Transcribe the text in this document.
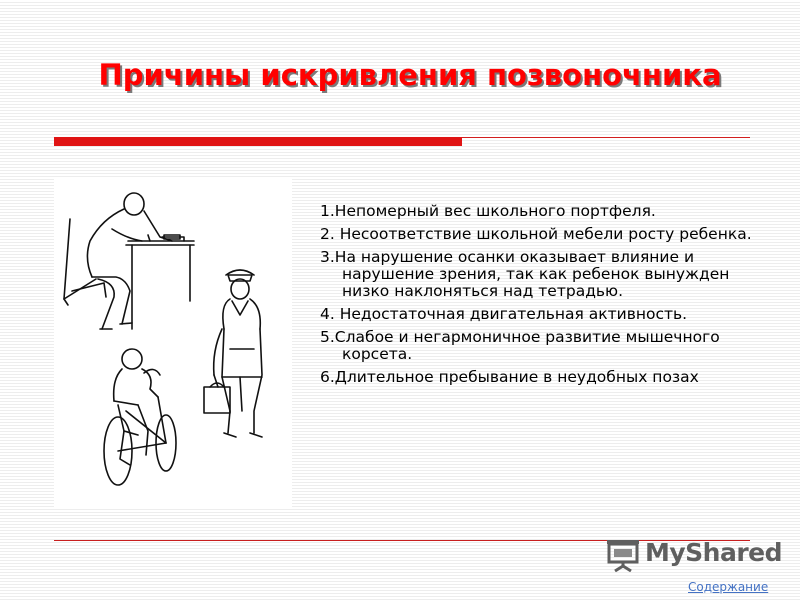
Причины искривления позвоночника
1.Непомерный вес школьного портфеля.
2. Несоответствие школьной мебели росту ребенка.
3.На нарушение осанки оказывает влияние и нарушение зрения, так как ребенок вынужден низко наклоняться над тетрадью.
4. Недостаточная двигательная активность.
5.Слабое и негармоничное развитие мышечного корсета.
6.Длительное пребывание в неудобных позах
MyShared
Содержание
